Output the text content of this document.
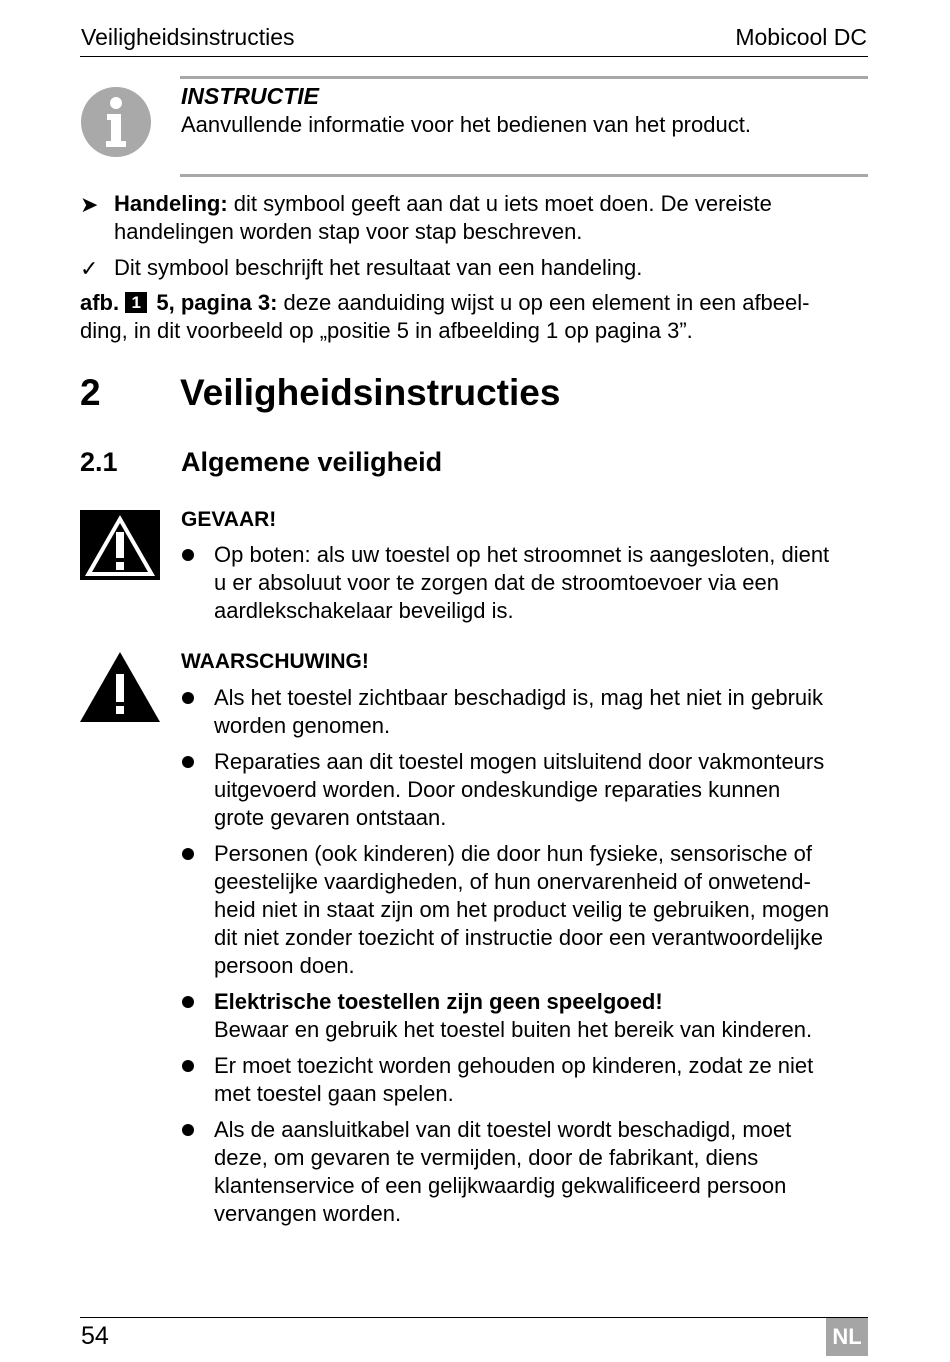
Veiligheidsinstructies	Mobicool DC
INSTRUCTIE
Aanvullende informatie voor het bedienen van het product.
➤ Handeling: dit symbool geeft aan dat u iets moet doen. De vereiste
handelingen worden stap voor stap beschreven.
✓ Dit symbool beschrijft het resultaat van een handeling.
afb. 1 5, pagina 3: deze aanduiding wijst u op een element in een afbeel-
ding, in dit voorbeeld op „positie 5 in afbeelding 1 op pagina 3”.
2 Veiligheidsinstructies
2.1 Algemene veiligheid
GEVAAR!
Op boten: als uw toestel op het stroomnet is aangesloten, dient
u er absoluut voor te zorgen dat de stroomtoevoer via een
aardlekschakelaar beveiligd is.
WAARSCHUWING!
Als het toestel zichtbaar beschadigd is, mag het niet in gebruik
worden genomen.
Reparaties aan dit toestel mogen uitsluitend door vakmonteurs
uitgevoerd worden. Door ondeskundige reparaties kunnen
grote gevaren ontstaan.
Personen (ook kinderen) die door hun fysieke, sensorische of
geestelijke vaardigheden, of hun onervarenheid of onwetend-
heid niet in staat zijn om het product veilig te gebruiken, mogen
dit niet zonder toezicht of instructie door een verantwoordelijke
persoon doen.
Elektrische toestellen zijn geen speelgoed!
Bewaar en gebruik het toestel buiten het bereik van kinderen.
Er moet toezicht worden gehouden op kinderen, zodat ze niet
met toestel gaan spelen.
Als de aansluitkabel van dit toestel wordt beschadigd, moet
deze, om gevaren te vermijden, door de fabrikant, diens
klantenservice of een gelijkwaardig gekwalificeerd persoon
vervangen worden.
54	NL
